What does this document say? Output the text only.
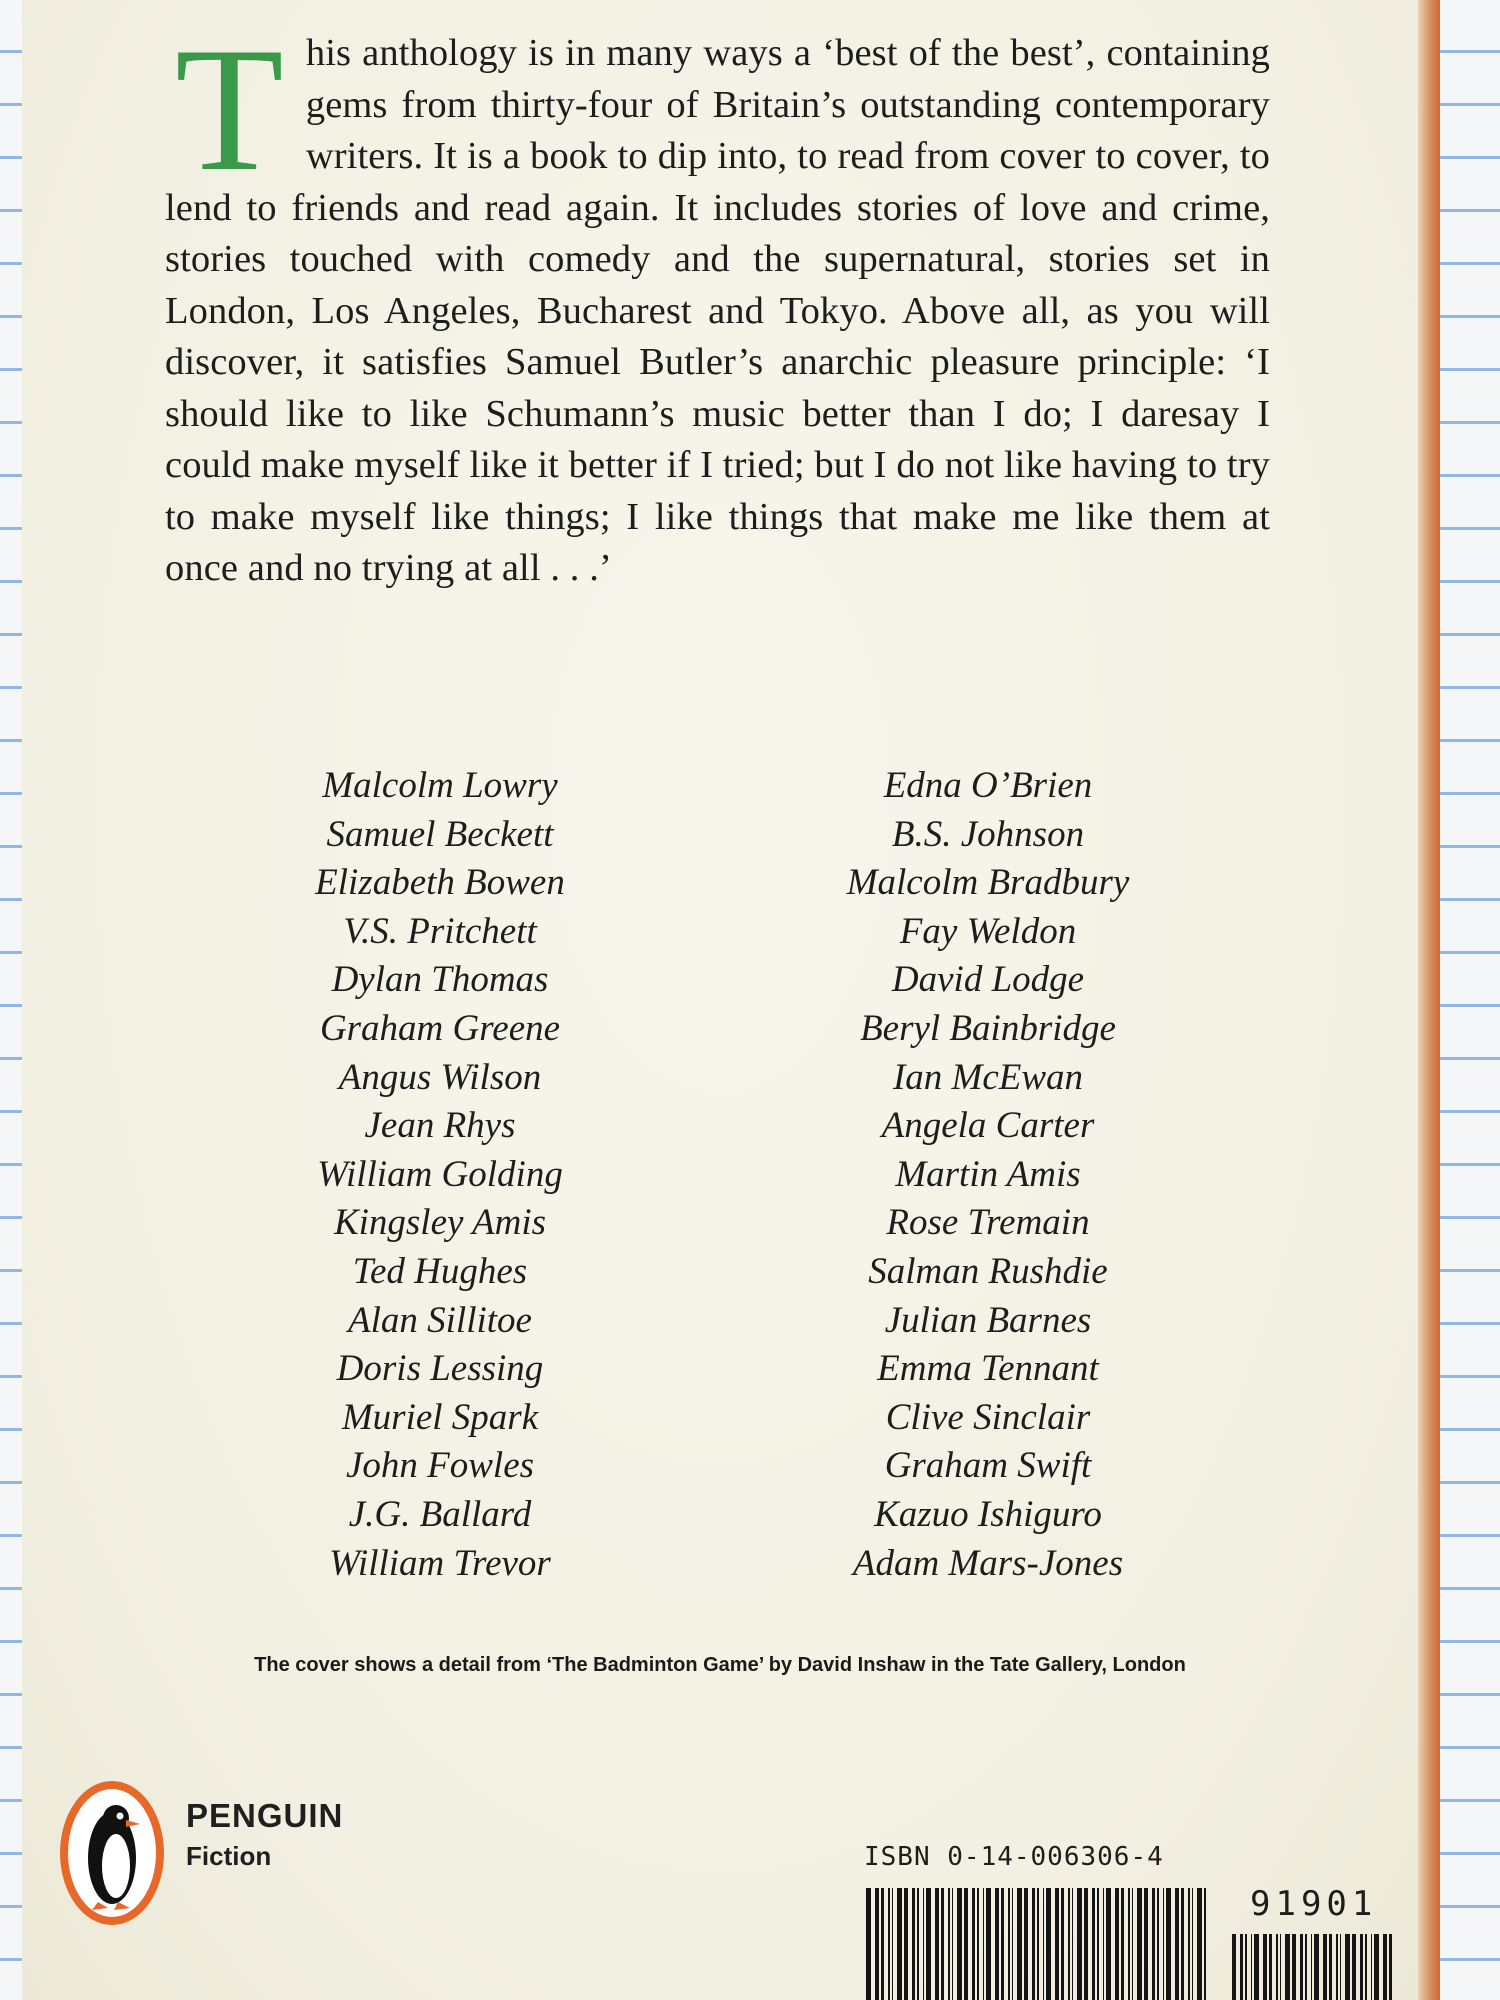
This anthology is in many ways a ‘best of the best’, containing gems from thirty-four of Britain’s outstanding contemporary writers. It is a book to dip into, to read from cover to cover, to lend to friends and read again. It includes stories of love and crime, stories touched with comedy and the supernatural, stories set in London, Los Angeles, Bucharest and Tokyo. Above all, as you will discover, it satisfies Samuel Butler’s anarchic pleasure principle: ‘I should like to like Schumann’s music better than I do; I daresay I could make myself like it better if I tried; but I do not like having to try to make myself like things; I like things that make me like them at once and no trying at all . . .’
Malcolm Lowry
Samuel Beckett
Elizabeth Bowen
V.S. Pritchett
Dylan Thomas
Graham Greene
Angus Wilson
Jean Rhys
William Golding
Kingsley Amis
Ted Hughes
Alan Sillitoe
Doris Lessing
Muriel Spark
John Fowles
J.G. Ballard
William Trevor
Edna O’Brien
B.S. Johnson
Malcolm Bradbury
Fay Weldon
David Lodge
Beryl Bainbridge
Ian McEwan
Angela Carter
Martin Amis
Rose Tremain
Salman Rushdie
Julian Barnes
Emma Tennant
Clive Sinclair
Graham Swift
Kazuo Ishiguro
Adam Mars-Jones
The cover shows a detail from ‘The Badminton Game’ by David Inshaw in the Tate Gallery, London
PENGUIN
Fiction	ISBN 0-14-006306-4
91901
